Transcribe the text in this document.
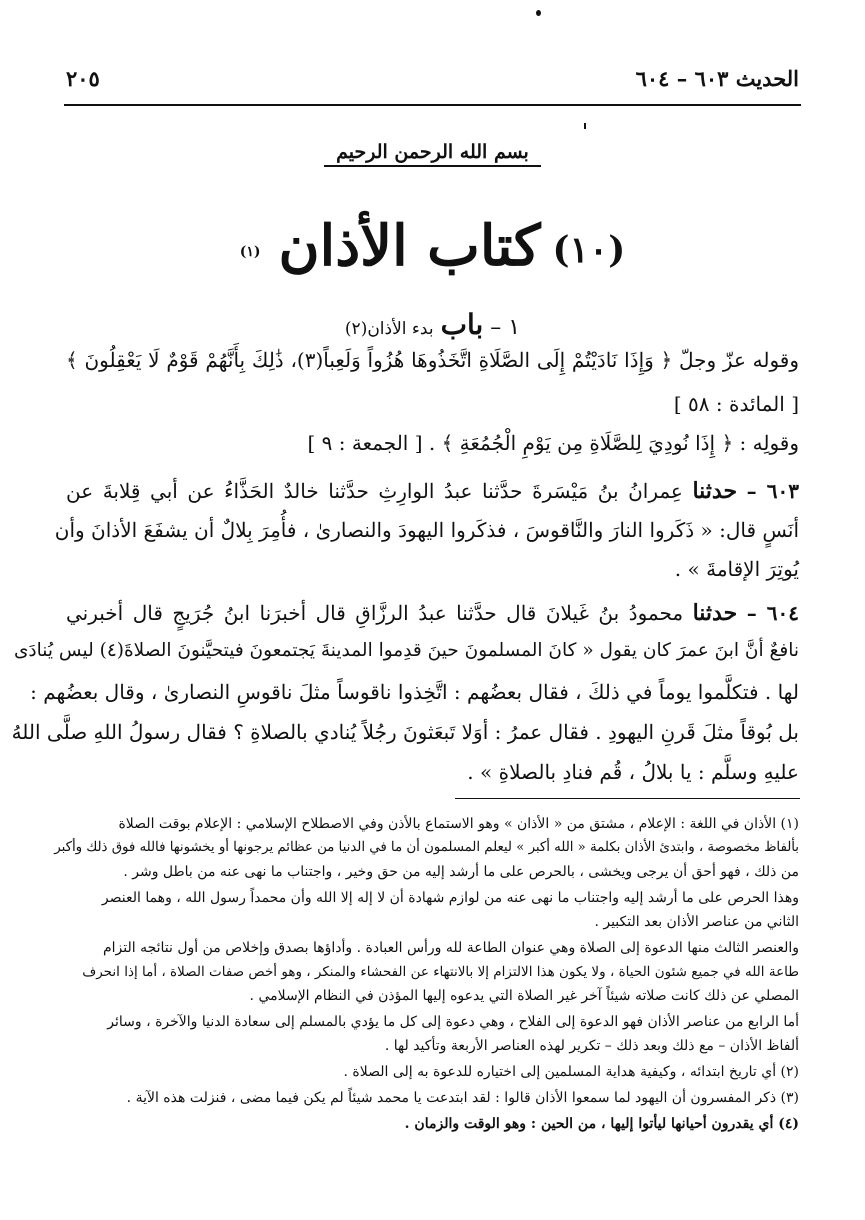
الحديث ٦٠٣ – ٦٠٤
٢٠٥
بسم الله الرحمن الرحيم
(١٠)كتاب الأذان$^{(١)}$
١ – باب بدء الأذان(٢)
وقوله عزّ وجلّ ﴿ وَإِذَا نَادَيْتُمْ إِلَى الصَّلَاةِ اتَّخَذُوهَا هُزُواً وَلَعِباً(٣)، ذَٰلِكَ بِأَنَّهُمْ قَوْمٌ لَا يَعْقِلُونَ ﴾
[ المائدة : ٥٨ ]
وقولِه : ﴿ إِذَا نُودِيَ لِلصَّلَاةِ مِن يَوْمِ الْجُمُعَةِ ﴾ . [ الجمعة : ٩ ]
٦٠٣ – حدثنا عِمرانُ بنُ مَيْسَرةَ حدَّثنا عبدُ الوارِثِ حدَّثنا خالدٌ الحَذَّاءُ عن أبي قِلابةَ عن
أنَسٍ قال: « ذَكَروا النارَ والنَّاقوسَ ، فذكَروا اليهودَ والنصارىٰ ، فأُمِرَ بِلالٌ أن يشفَعَ الأذانَ وأن
يُوتِرَ الإقامةَ » .
٦٠٤ – حدثنا محمودُ بنُ غَيلانَ قال حدَّثنا عبدُ الرزَّاقِ قال أخبرَنا ابنُ جُرَيجٍ قال أخبرني
نافعٌ أنَّ ابنَ عمرَ كان يقول « كانَ المسلمونَ حينَ قدِموا المدينةَ يَجتمعونَ فيتحيَّنونَ الصلاةَ(٤) ليس يُنادَى
لها . فتكلَّموا يوماً في ذلكَ ، فقال بعضُهم : اتَّخِذوا ناقوساً مثلَ ناقوسِ النصارىٰ ، وقال بعضُهم :
بل بُوقاً مثلَ قَرنِ اليهودِ . فقال عمرُ : أوَلا تَبعَثونَ رجُلاً يُنادي بالصلاةِ ؟ فقال رسولُ اللهِ صلَّى اللهُ
عليهِ وسلَّم : يا بلالُ ، قُم فنادِ بالصلاةِ » .
(١) الأذان في اللغة : الإعلام ، مشتق من « الأذان » وهو الاستماع بالأذن وفي الاصطلاح الإسلامي : الإعلام بوقت الصلاة
بألفاظ مخصوصة ، وابتدئ الأذان بكلمة « الله أكبر » ليعلم المسلمون أن ما في الدنيا من عظائم يرجونها أو يخشونها فالله فوق ذلك وأكبر
من ذلك ، فهو أحق أن يرجى ويخشى ، بالحرص على ما أرشد إليه من حق وخير ، واجتناب ما نهى عنه من باطل وشر .
وهذا الحرص على ما أرشد إليه واجتناب ما نهى عنه من لوازم شهادة أن لا إله إلا الله وأن محمداً رسول الله ، وهما العنصر
الثاني من عناصر الأذان بعد التكبير .
والعنصر الثالث منها الدعوة إلى الصلاة وهي عنوان الطاعة لله ورأس العبادة . وأداؤها بصدق وإخلاص من أول نتائجه التزام
طاعة الله في جميع شئون الحياة ، ولا يكون هذا الالتزام إلا بالانتهاء عن الفحشاء والمنكر ، وهو أخص صفات الصلاة ، أما إذا انحرف
المصلي عن ذلك كانت صلاته شيئاً آخر غير الصلاة التي يدعوه إليها المؤذن في النظام الإسلامي .
أما الرابع من عناصر الأذان فهو الدعوة إلى الفلاح ، وهي دعوة إلى كل ما يؤدي بالمسلم إلى سعادة الدنيا والآخرة ، وسائر
ألفاظ الأذان – مع ذلك وبعد ذلك – تكرير لهذه العناصر الأربعة وتأكيد لها .
(٢) أي تاريخ ابتدائه ، وكيفية هداية المسلمين إلى اختياره للدعوة به إلى الصلاة .
(٣) ذكر المفسرون أن اليهود لما سمعوا الأذان قالوا : لقد ابتدعت يا محمد شيئاً لم يكن فيما مضى ، فنزلت هذه الآية .
(٤) أي يقدرون أحيانها ليأتوا إليها ، من الحين : وهو الوقت والزمان .
